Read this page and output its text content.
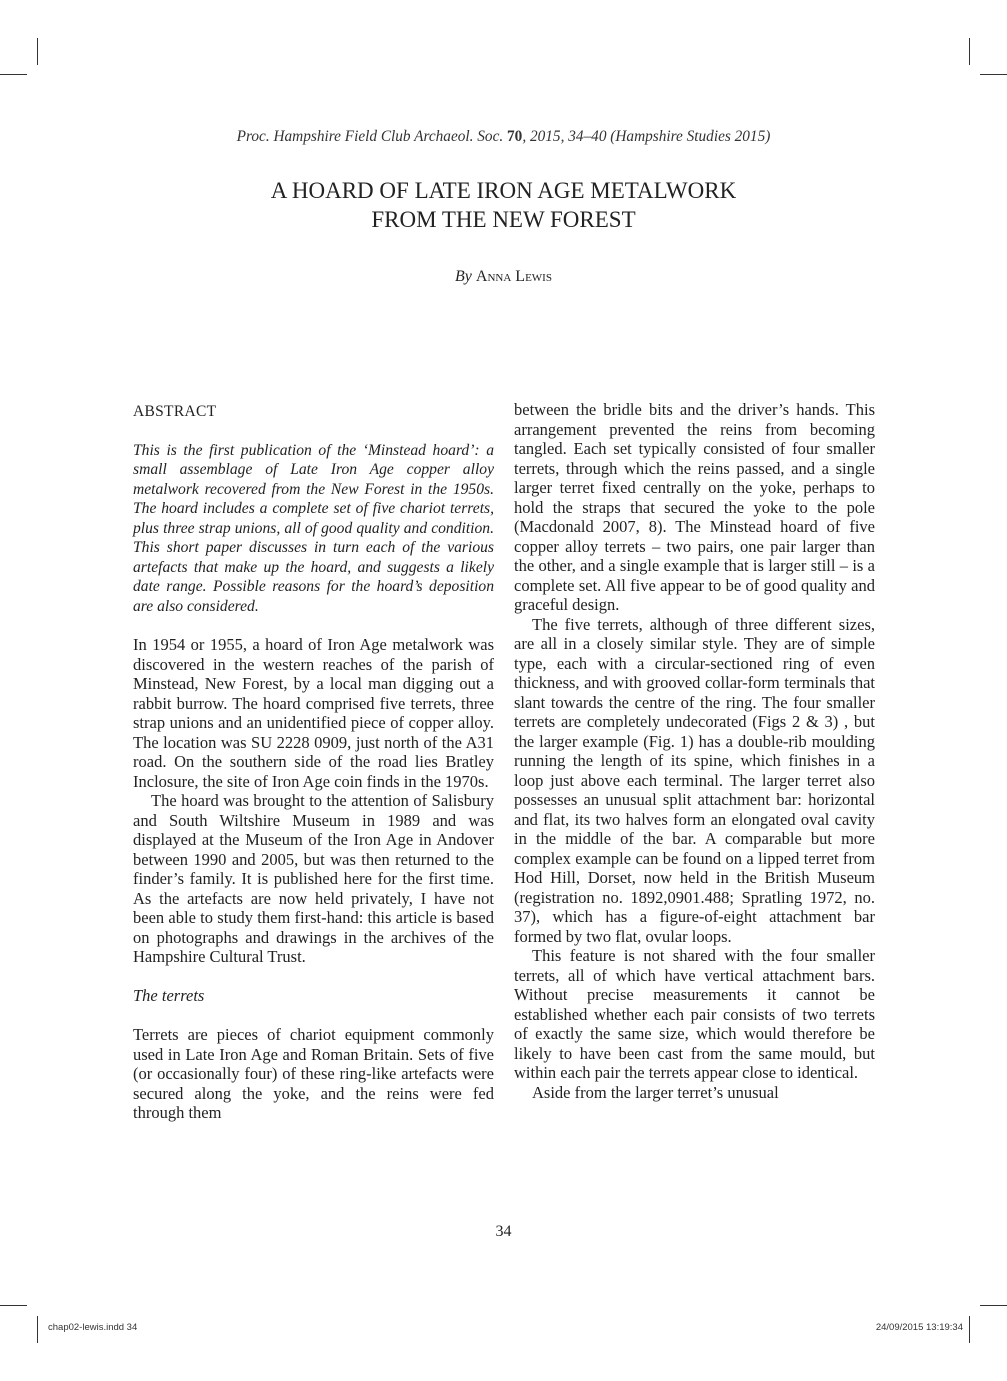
Proc. Hampshire Field Club Archaeol. Soc. 70, 2015, 34–40 (Hampshire Studies 2015)
A HOARD OF LATE IRON AGE METALWORK
FROM THE NEW FOREST
By Anna Lewis

ABSTRACT

This is the first publication of the ‘Minstead hoard’: a small assemblage of Late Iron Age copper alloy metalwork recovered from the New Forest in the 1950s. The hoard includes a complete set of five chariot terrets, plus three strap unions, all of good quality and condition. This short paper discusses in turn each of the various artefacts that make up the hoard, and suggests a likely date range. Possible reasons for the hoard’s deposition are also considered.

In 1954 or 1955, a hoard of Iron Age metalwork was discovered in the western reaches of the parish of Minstead, New Forest, by a local man digging out a rabbit burrow. The hoard comprised five terrets, three strap unions and an unidentified piece of copper alloy. The location was SU 2228 0909, just north of the A31 road. On the southern side of the road lies Bratley Inclosure, the site of Iron Age coin finds in the 1970s.

The hoard was brought to the attention of Salisbury and South Wiltshire Museum in 1989 and was displayed at the Museum of the Iron Age in Andover between 1990 and 2005, but was then returned to the finder’s family. It is published here for the first time. As the artefacts are now held privately, I have not been able to study them first-hand: this article is based on photographs and drawings in the archives of the Hampshire Cultural Trust.

The terrets

Terrets are pieces of chariot equipment commonly used in Late Iron Age and Roman Britain. Sets of five (or occasionally four) of these ring-like artefacts were secured along the yoke, and the reins were fed through them

between the bridle bits and the driver’s hands. This arrangement prevented the reins from becoming tangled. Each set typically consisted of four smaller terrets, through which the reins passed, and a single larger terret fixed centrally on the yoke, perhaps to hold the straps that secured the yoke to the pole (Macdonald 2007, 8). The Minstead hoard of five copper alloy terrets – two pairs, one pair larger than the other, and a single example that is larger still – is a complete set. All five appear to be of good quality and graceful design.

The five terrets, although of three different sizes, are all in a closely similar style. They are of simple type, each with a circular-sectioned ring of even thickness, and with grooved collar-form terminals that slant towards the centre of the ring. The four smaller terrets are completely undecorated (Figs 2 & 3) , but the larger example (Fig. 1) has a double-rib moulding running the length of its spine, which finishes in a loop just above each terminal. The larger terret also possesses an unusual split attachment bar: horizontal and flat, its two halves form an elongated oval cavity in the middle of the bar. A comparable but more complex example can be found on a lipped terret from Hod Hill, Dorset, now held in the British Museum (registration no. 1892,0901.488; Spratling 1972, no. 37), which has a figure-of-eight attachment bar formed by two flat, ovular loops.

This feature is not shared with the four smaller terrets, all of which have vertical attachment bars. Without precise measurements it cannot be established whether each pair consists of two terrets of exactly the same size, which would therefore be likely to have been cast from the same mould, but within each pair the terrets appear close to identical.

Aside from the larger terret’s unusual

34
chap02-lewis.indd 34	24/09/2015 13:19:34
